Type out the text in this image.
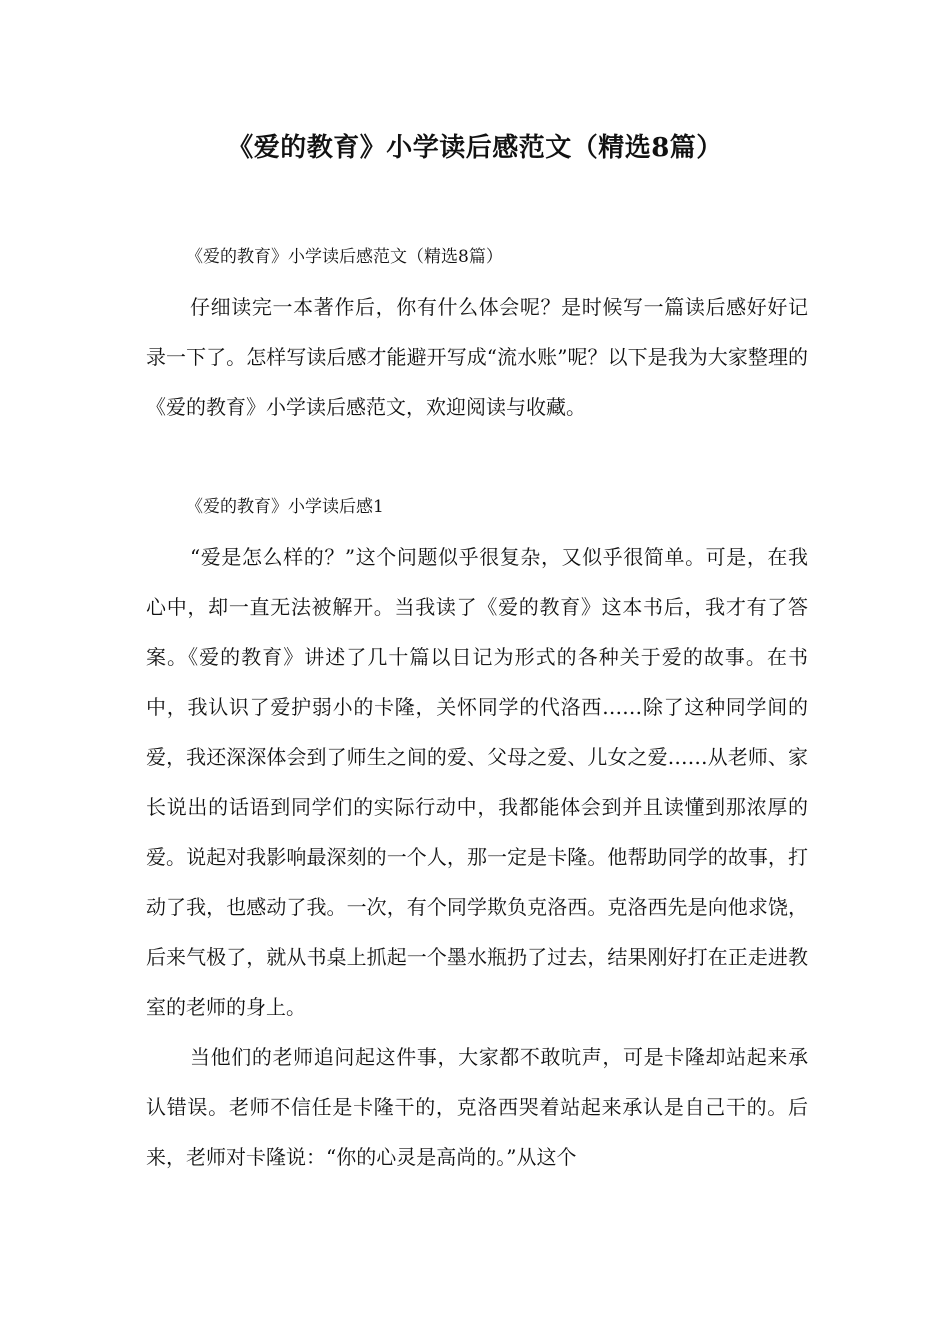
《爱的教育》小学读后感范文（精选8篇）

《爱的教育》小学读后感范文（精选8篇）

仔细读完一本著作后，你有什么体会呢？是时候写一篇读后感好好记录一下了。怎样写读后感才能避开写成“流水账”呢？以下是我为大家整理的《爱的教育》小学读后感范文，欢迎阅读与收藏。

《爱的教育》小学读后感1

“爱是怎么样的？”这个问题似乎很复杂，又似乎很简单。可是，在我心中，却一直无法被解开。当我读了《爱的教育》这本书后，我才有了答案。《爱的教育》讲述了几十篇以日记为形式的各种关于爱的故事。在书中，我认识了爱护弱小的卡隆，关怀同学的代洛西……除了这种同学间的爱，我还深深体会到了师生之间的爱、父母之爱、儿女之爱……从老师、家长说出的话语到同学们的实际行动中，我都能体会到并且读懂到那浓厚的爱。说起对我影响最深刻的一个人，那一定是卡隆。他帮助同学的故事，打动了我，也感动了我。一次，有个同学欺负克洛西。克洛西先是向他求饶，后来气极了，就从书桌上抓起一个墨水瓶扔了过去，结果刚好打在正走进教室的老师的身上。

当他们的老师追问起这件事，大家都不敢吭声，可是卡隆却站起来承认错误。老师不信任是卡隆干的，克洛西哭着站起来承认是自己干的。后来，老师对卡隆说：“你的心灵是高尚的。”从这个
